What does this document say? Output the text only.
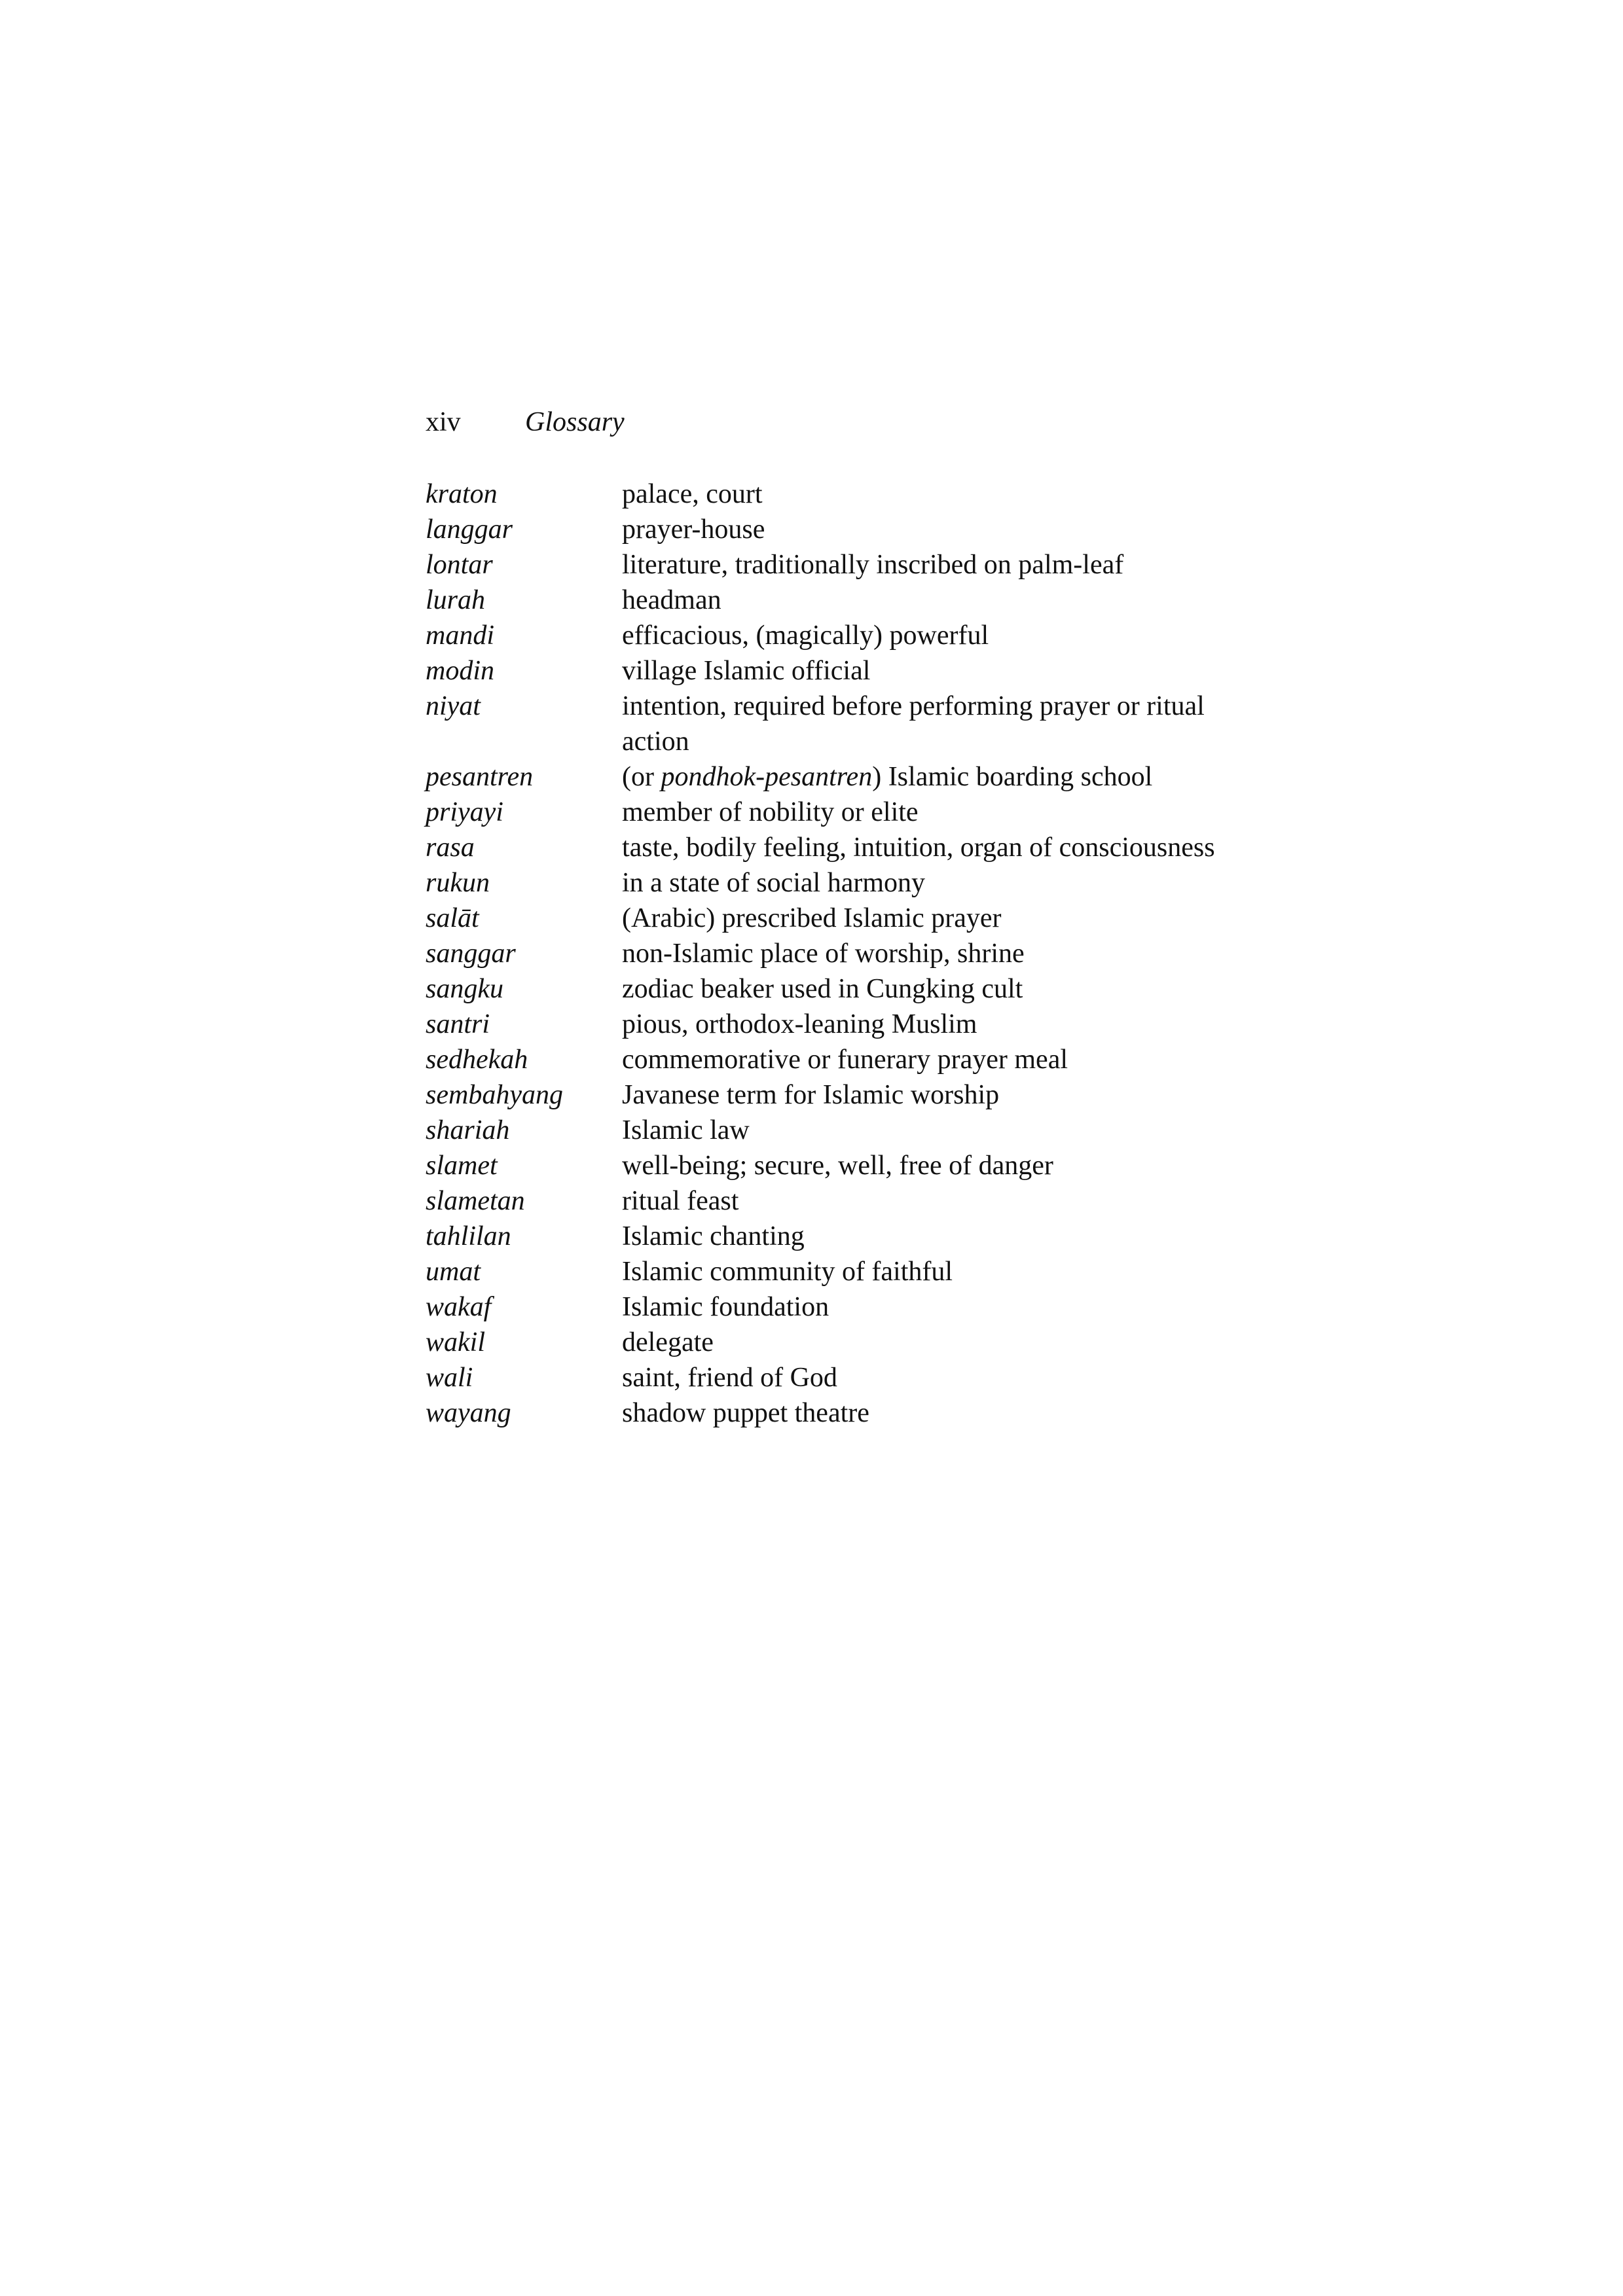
xiv Glossary
kraton	palace, court
langgar	prayer-house
lontar	literature, traditionally inscribed on palm-leaf
lurah	headman
mandi	efficacious, (magically) powerful
modin	village Islamic official
niyat	intention, required before performing prayer or ritual action
pesantren	(or pondhok-pesantren) Islamic boarding school
priyayi	member of nobility or elite
rasa	taste, bodily feeling, intuition, organ of consciousness
rukun	in a state of social harmony
salāt	(Arabic) prescribed Islamic prayer
sanggar	non-Islamic place of worship, shrine
sangku	zodiac beaker used in Cungking cult
santri	pious, orthodox-leaning Muslim
sedhekah	commemorative or funerary prayer meal
sembahyang	Javanese term for Islamic worship
shariah	Islamic law
slamet	well-being; secure, well, free of danger
slametan	ritual feast
tahlilan	Islamic chanting
umat	Islamic community of faithful
wakaf	Islamic foundation
wakil	delegate
wali	saint, friend of God
wayang	shadow puppet theatre
